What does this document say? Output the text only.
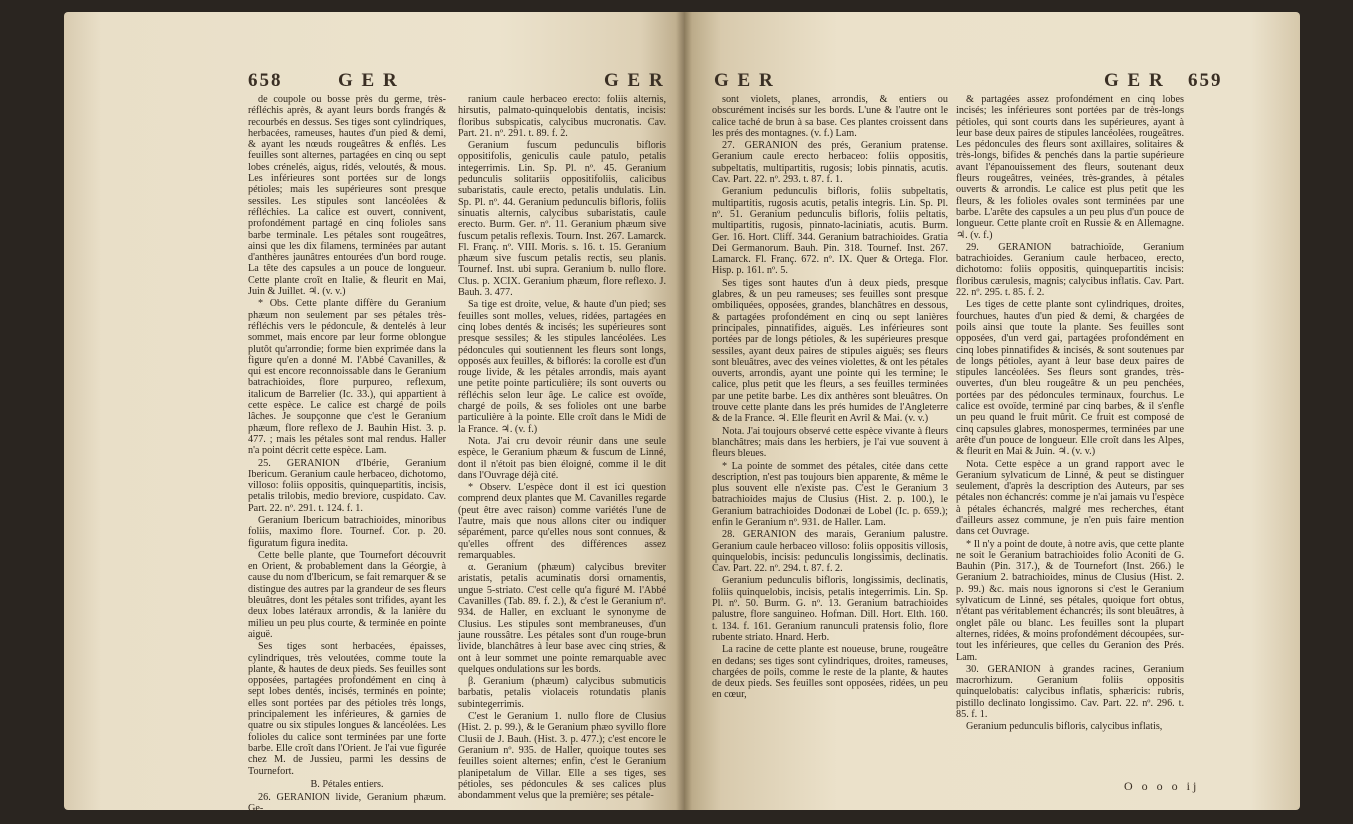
658	G E R	G E R

de coupole ou bosse près du germe, très-réfléchis après, & ayant leurs bords frangés & recourbés en dessus. Ses tiges sont cylindriques, herbacées, rameuses, hautes d'un pied & demi, & ayant les nœuds rougeâtres & enflés. Les feuilles sont alternes, partagées en cinq ou sept lobes crénelés, aigus, ridés, veloutés, & mous. Les inférieures sont portées sur de longs pétioles; mais les supérieures sont presque sessiles. Les stipules sont lancéolées & réfléchies. La calice est ouvert, connivent, profondément partagé en cinq folioles sans barbe terminale. Les pétales sont rougeâtres, ainsi que les dix filamens, terminées par autant d'anthères jaunâtres entourées d'un bord rouge. La tête des capsules a un pouce de longueur. Cette plante croît en Italie, & fleurit en Mai, Juin & Juillet. ♃. (v. v.)

* Obs. Cette plante diffère du Geranium phæum non seulement par ses pétales très-réfléchis vers le pédoncule, & dentelés à leur sommet, mais encore par leur forme oblongue plutôt qu'arrondie; forme bien exprimée dans la figure qu'en a donné M. l'Abbé Cavanilles, & qui est encore reconnoissable dans le Geranium batrachioides, flore purpureo, reflexum, italicum de Barrelier (Ic. 33.), qui appartient à cette espèce. Le calice est chargé de poils lâches. Je soupçonne que c'est le Geranium phæum, flore reflexo de J. Bauhin Hist. 3. p. 477. ; mais les pétales sont mal rendus. Haller n'a point décrit cette espèce. Lam.

25. GERANION d'Ibérie, Geranium Ibericum. Geranium caule herbaceo, dichotomo, villoso: foliis oppositis, quinquepartitis, incisis, petalis trilobis, medio breviore, cuspidato. Cav. Part. 22. nº. 291. t. 124. f. 1.

Geranium Ibericum batrachioides, minoribus foliis, maximo flore. Tournef. Cor. p. 20. figuratum figura inedita.

Cette belle plante, que Tournefort découvrit en Orient, & probablement dans la Géorgie, à cause du nom d'Ibericum, se fait remarquer & se distingue des autres par la grandeur de ses fleurs bleuâtres, dont les pétales sont trifides, ayant les deux lobes latéraux arrondis, & la lanière du milieu un peu plus courte, & terminée en pointe aiguë.

Ses tiges sont herbacées, épaisses, cylindriques, très veloutées, comme toute la plante, & hautes de deux pieds. Ses feuilles sont opposées, partagées profondément en cinq à sept lobes dentés, incisés, terminés en pointe; elles sont portées par des pétioles très longs, principalement les inférieures, & garnies de quatre ou six stipules longues & lancéolées. Les folioles du calice sont terminées par une forte barbe. Elle croît dans l'Orient. Je l'ai vue figurée chez M. de Jussieu, parmi les dessins de Tournefort.

B. Pétales entiers.

26. GERANION livide, Geranium phæum. Ge-

ranium caule herbaceo erecto: foliis alternis, hirsutis, palmato-quinquelobis dentatis, incisis: floribus subspicatis, calycibus mucronatis. Cav. Part. 21. nº. 291. t. 89. f. 2.

Geranium fuscum pedunculis bifloris oppositifolis, geniculis caule patulo, petalis integerrimis. Lin. Sp. Pl. nº. 45. Geranium pedunculis solitariis oppositifoliis, calicibus subaristatis, caule erecto, petalis undulatis. Lin. Sp. Pl. nº. 44. Geranium pedunculis bifloris, foliis sinuatis alternis, calycibus subaristatis, caule erecto. Burm. Ger. nº. 11. Geranium phæum sive fuscum petalis reflexis. Tourn. Inst. 267. Lamarck. Fl. Franç. nº. VIII. Moris. s. 16. t. 15. Geranium phæum sive fuscum petalis rectis, seu planis. Tournef. Inst. ubi supra. Geranium b. nullo flore. Clus. p. XCIX. Geranium phæum, flore reflexo. J. Bauh. 3. 477.

Sa tige est droite, velue, & haute d'un pied; ses feuilles sont molles, velues, ridées, partagées en cinq lobes dentés & incisés; les supérieures sont presque sessiles; & les stipules lancéolées. Les pédoncules qui soutiennent les fleurs sont longs, opposés aux feuilles, & biflorés: la corolle est d'un rouge livide, & les pétales arrondis, mais ayant une petite pointe particulière; ils sont ouverts ou réfléchis selon leur âge. Le calice est ovoïde, chargé de poils, & ses folioles ont une barbe particulière à la pointe. Elle croît dans le Midi de la France. ♃. (v. f.)

Nota. J'ai cru devoir réunir dans une seule espèce, le Geranium phæum & fuscum de Linné, dont il n'étoit pas bien éloigné, comme il le dit dans l'Ouvrage déjà cité.

* Observ. L'espèce dont il est ici question comprend deux plantes que M. Cavanilles regarde (peut être avec raison) comme variétés l'une de l'autre, mais que nous allons citer ou indiquer séparément, parce qu'elles nous sont connues, & qu'elles offrent des différences assez remarquables.

α. Geranium (phæum) calycibus breviter aristatis, petalis acuminatis dorsi ornamentis, ungue 5-striato. C'est celle qu'a figuré M. l'Abbé Cavanilles (Tab. 89. f. 2.), & c'est le Geranium nº. 934. de Haller, en excluant le synonyme de Clusius. Les stipules sont membraneuses, d'un jaune roussâtre. Les pétales sont d'un rouge-brun livide, blanchâtres à leur base avec cinq stries, & ont à leur sommet une pointe remarquable avec quelques ondulations sur les bords.

β. Geranium (phæum) calycibus submuticis barbatis, petalis violaceis rotundatis planis subintegerrimis.

C'est le Geranium 1. nullo flore de Clusius (Hist. 2. p. 99.), & le Geranium phæo syvillo flore Clusii de J. Bauh. (Hist. 3. p. 477.); c'est encore le Geranium nº. 935. de Haller, quoique toutes ses feuilles soient alternes; enfin, c'est le Geranium planipetalum de Villar. Elle a ses tiges, ses pétioles, ses pédoncules & ses calices plus abondamment velus que la première; ses pétale-

G E R	G E R 659

sont violets, planes, arrondis, & entiers ou obscurément incisés sur les bords. L'une & l'autre ont le calice taché de brun à sa base. Ces plantes croissent dans les prés des montagnes. (v. f.) Lam.

27. GERANION des prés, Geranium pratense. Geranium caule erecto herbaceo: foliis oppositis, subpeltatis, multipartitis, rugosis; lobis pinnatis, acutis. Cav. Part. 22. nº. 293. t. 87. f. 1.

Geranium pedunculis bifloris, foliis subpeltatis, multipartitis, rugosis acutis, petalis integris. Lin. Sp. Pl. nº. 51. Geranium pedunculis bifloris, foliis peltatis, multipartitis, rugosis, pinnato-laciniatis, acutis. Burm. Ger. 16. Hort. Cliff. 344. Geranium batrachioides. Gratia Dei Germanorum. Bauh. Pin. 318. Tournef. Inst. 267. Lamarck. Fl. Franç. 672. nº. IX. Quer & Ortega. Flor. Hisp. p. 161. nº. 5.

Ses tiges sont hautes d'un à deux pieds, presque glabres, & un peu rameuses; ses feuilles sont presque ombiliquées, opposées, grandes, blanchâtres en dessous, & partagées profondément en cinq ou sept lanières principales, pinnatifides, aiguës. Les inférieures sont portées par de longs pétioles, & les supérieures presque sessiles, ayant deux paires de stipules aiguës; ses fleurs sont bleuâtres, avec des veines violettes, & ont les pétales ouverts, arrondis, ayant une pointe qui les termine; le calice, plus petit que les fleurs, a ses feuilles terminées par une petite barbe. Les dix anthères sont bleuâtres. On trouve cette plante dans les prés humides de l'Angleterre & de la France. ♃. Elle fleurit en Avril & Mai. (v. v.)

Nota. J'ai toujours observé cette espèce vivante à fleurs blanchâtres; mais dans les herbiers, je l'ai vue souvent à fleurs bleues.

* La pointe de sommet des pétales, citée dans cette description, n'est pas toujours bien apparente, & même le plus souvent elle n'existe pas. C'est le Geranium 3 batrachioides majus de Clusius (Hist. 2. p. 100.), le Geranium batrachioides Dodonæi de Lobel (Ic. p. 659.); enfin le Geranium nº. 931. de Haller. Lam.

28. GERANION des marais, Geranium palustre. Geranium caule herbaceo villoso: foliis oppositis villosis, quinquelobis, incisis: pedunculis longissimis, declinatis. Cav. Part. 22. nº. 294. t. 87. f. 2.

Geranium pedunculis bifloris, longissimis, declinatis, foliis quinquelobis, incisis, petalis integerrimis. Lin. Sp. Pl. nº. 50. Burm. G. nº. 13. Geranium batrachioides palustre, flore sanguineo. Hofman. Dill. Hort. Elth. 160. t. 134. f. 161. Geranium ranunculi pratensis folio, flore rubente striato. Hnard. Herb.

La racine de cette plante est noueuse, brune, rougeâtre en dedans; ses tiges sont cylindriques, droites, rameuses, chargées de poils, comme le reste de la plante, & hautes de deux pieds. Ses feuilles sont opposées, ridées, un peu en cœur,

& partagées assez profondément en cinq lobes incisés; les inférieures sont portées par de très-longs pétioles, qui sont courts dans les supérieures, ayant à leur base deux paires de stipules lancéolées, rougeâtres. Les pédoncules des fleurs sont axillaires, solitaires & très-longs, bifides & penchés dans la partie supérieure avant l'épanouissement des fleurs, soutenant deux fleurs rougeâtres, veinées, très-grandes, à pétales ouverts & arrondis. Le calice est plus petit que les fleurs, & les folioles ovales sont terminées par une barbe. L'arête des capsules a un peu plus d'un pouce de longueur. Cette plante croît en Russie & en Allemagne. ♃. (v. f.)

29. GERANION batrachioïde, Geranium batrachioides. Geranium caule herbaceo, erecto, dichotomo: foliis oppositis, quinquepartitis incisis: floribus cærulesis, magnis; calycibus inflatis. Cav. Part. 22. nº. 295. t. 85. f. 2.

Les tiges de cette plante sont cylindriques, droites, fourchues, hautes d'un pied & demi, & chargées de poils ainsi que toute la plante. Ses feuilles sont opposées, d'un verd gai, partagées profondément en cinq lobes pinnatifides & incisés, & sont soutenues par de longs pétioles, ayant à leur base deux paires de stipules lancéolées. Ses fleurs sont grandes, très-ouvertes, d'un bleu rougeâtre & un peu penchées, portées par des pédoncules terminaux, fourchus. Le calice est ovoïde, terminé par cinq barbes, & il s'enfle un peu quand le fruit mûrit. Ce fruit est composé de cinq capsules glabres, monospermes, terminées par une arête d'un pouce de longueur. Elle croît dans les Alpes, & fleurit en Mai & Juin. ♃. (v. v.)

Nota. Cette espèce a un grand rapport avec le Geranium sylvaticum de Linné, & peut se distinguer seulement, d'après la description des Auteurs, par ses pétales non échancrés: comme je n'ai jamais vu l'espèce à pétales échancrés, malgré mes recherches, étant d'ailleurs assez commune, je n'en puis faire mention dans cet Ouvrage.

* Il n'y a point de doute, à notre avis, que cette plante ne soit le Geranium batrachioides folio Aconiti de G. Bauhin (Pin. 317.), & de Tournefort (Inst. 266.) le Geranium 2. batrachioides, minus de Clusius (Hist. 2. p. 99.) &c. mais nous ignorons si c'est le Geranium sylvaticum de Linné, ses pétales, quoique fort obtus, n'étant pas véritablement échancrés; ils sont bleuâtres, à onglet pâle ou blanc. Les feuilles sont la plupart alternes, ridées, & moins profondément découpées, sur-tout les inférieures, que celles du Geranion des Prés. Lam.

30. GERANION à grandes racines, Geranium macrorhizum. Geranium foliis oppositis quinquelobatis: calycibus inflatis, sphæricis: rubris, pistillo declinato longissimo. Cav. Part. 22. nº. 296. t. 85. f. 1.

Geranium pedunculis bifloris, calycibus inflatis,

O o o o ij
